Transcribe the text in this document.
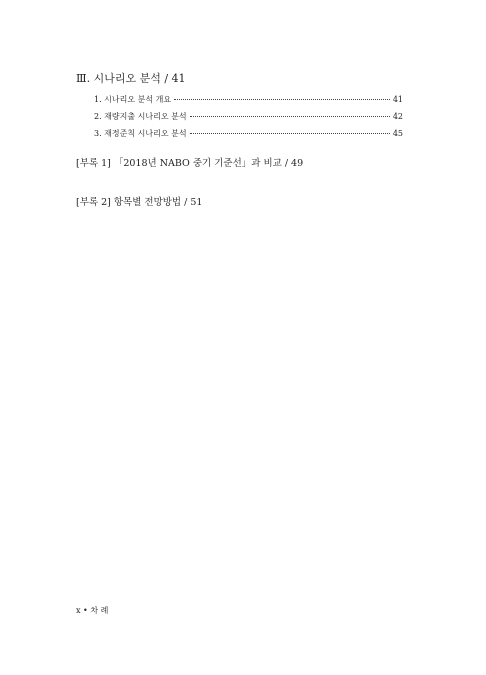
Ⅲ. 시나리오 분석 / 41
1. 시나리오 분석 개요	41
2. 재량지출 시나리오 분석	42
3. 재정준칙 시나리오 분석	45
[부록 1] 「2018년 NABO 중기 기준선」과 비교 / 49
[부록 2] 항목별 전망방법 / 51
x • 차 례
